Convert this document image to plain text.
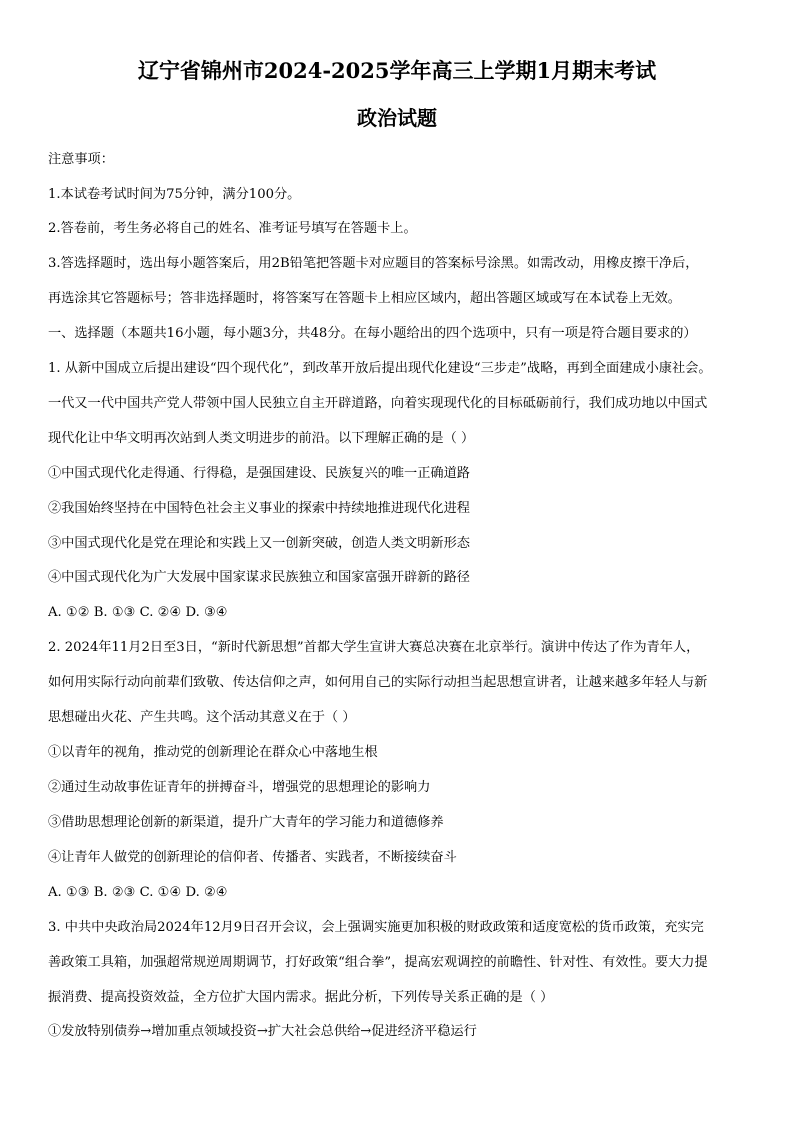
辽宁省锦州市2024-2025学年高三上学期1月期末考试
政治试题
注意事项：
1.本试卷考试时间为75分钟，满分100分。
2.答卷前，考生务必将自己的姓名、准考证号填写在答题卡上。
3.答选择题时，选出每小题答案后，用2B铅笔把答题卡对应题目的答案标号涂黑。如需改动，用橡皮擦干净后，
再选涂其它答题标号；答非选择题时，将答案写在答题卡上相应区域内，超出答题区域或写在本试卷上无效。
一、选择题（本题共16小题，每小题3分，共48分。在每小题给出的四个选项中，只有一项是符合题目要求的）
1. 从新中国成立后提出建设“四个现代化”，到改革开放后提出现代化建设“三步走”战略，再到全面建成小康社会。
一代又一代中国共产党人带领中国人民独立自主开辟道路，向着实现现代化的目标砥砺前行，我们成功地以中国式
现代化让中华文明再次站到人类文明进步的前沿。以下理解正确的是（ ）
①中国式现代化走得通、行得稳，是强国建设、民族复兴的唯一正确道路
②我国始终坚持在中国特色社会主义事业的探索中持续地推进现代化进程
③中国式现代化是党在理论和实践上又一创新突破，创造人类文明新形态
④中国式现代化为广大发展中国家谋求民族独立和国家富强开辟新的路径
A. ①② B. ①③ C. ②④ D. ③④
2. 2024年11月2日至3日，“新时代新思想”首都大学生宣讲大赛总决赛在北京举行。演讲中传达了作为青年人，
如何用实际行动向前辈们致敬、传达信仰之声，如何用自己的实际行动担当起思想宣讲者，让越来越多年轻人与新
思想碰出火花、产生共鸣。这个活动其意义在于（ ）
①以青年的视角，推动党的创新理论在群众心中落地生根
②通过生动故事佐证青年的拼搏奋斗，增强党的思想理论的影响力
③借助思想理论创新的新渠道，提升广大青年的学习能力和道德修养
④让青年人做党的创新理论的信仰者、传播者、实践者，不断接续奋斗
A. ①③ B. ②③ C. ①④ D. ②④
3. 中共中央政治局2024年12月9日召开会议，会上强调实施更加积极的财政政策和适度宽松的货币政策，充实完
善政策工具箱，加强超常规逆周期调节，打好政策“组合拳”，提高宏观调控的前瞻性、针对性、有效性。要大力提
振消费、提高投资效益，全方位扩大国内需求。据此分析，下列传导关系正确的是（ ）
①发放特别债券→增加重点领域投资→扩大社会总供给→促进经济平稳运行
